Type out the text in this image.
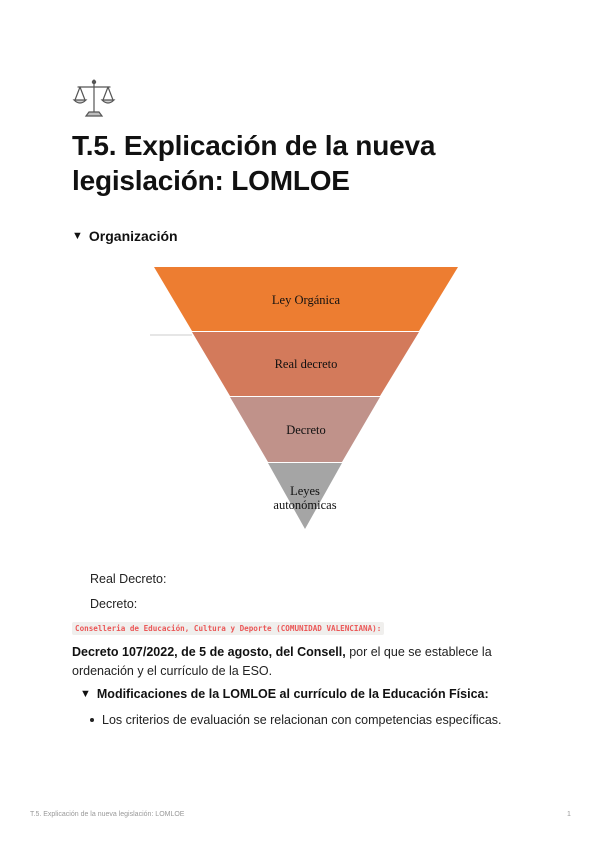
T.5. Explicación de la nueva legislación: LOMLOE
▼ Organización
Ley Orgánica
Real decreto
Decreto
Leyes
autonómicas
Real Decreto:
Decreto:
Conselleria de Educación, Cultura y Deporte (COMUNIDAD VALENCIANA):
Decreto 107/2022, de 5 de agosto, del Consell, por el que se establece la ordenación y el currículo de la ESO.
▼ Modificaciones de la LOMLOE al currículo de la Educación Física:
Los criterios de evaluación se relacionan con competencias específicas.
T.5. Explicación de la nueva legislación: LOMLOE	1
